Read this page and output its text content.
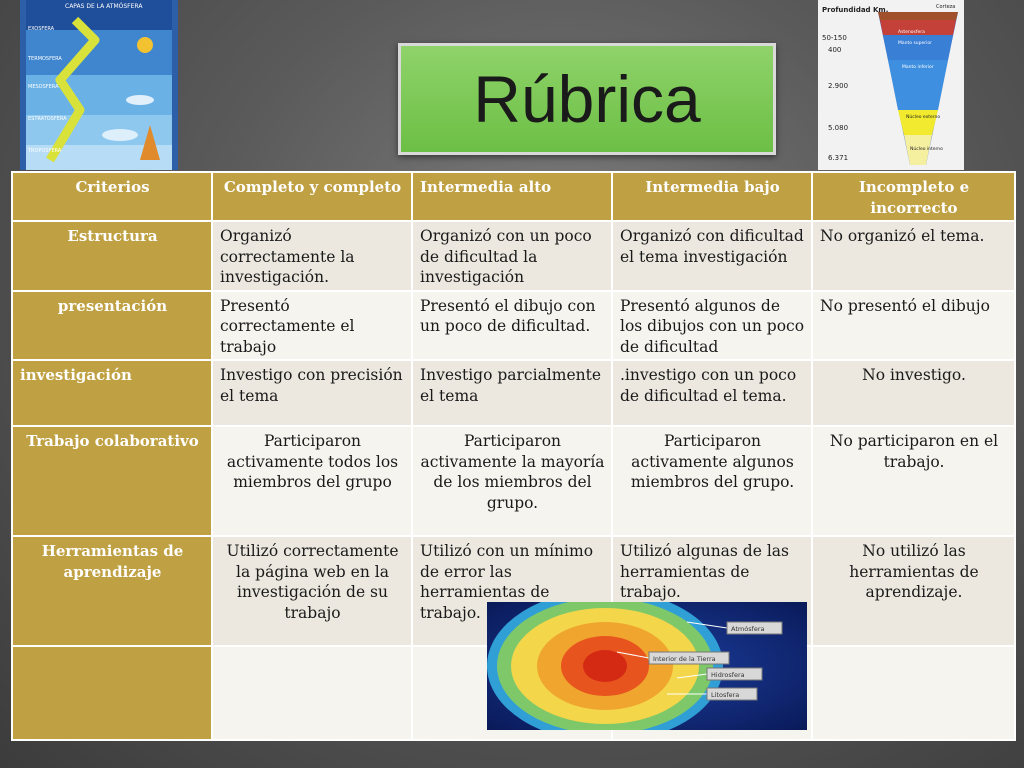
CAPAS DE LA ATMÓSFERA
EXOSFERA
TERMOSFERA
MESOSFERA
ESTRATOSFERA
TROPOSFERA
Rúbrica
Profundidad Km.	Corteza
50-150
400
2.900
5.080
6.371
Astenosfera
Manto superior
Manto inferior
Núcleo externo
Núcleo interno
Criterios	Completo y completo	Intermedia alto	Intermedia bajo	Incompleto e incorrecto
Estructura	Organizó correctamente la investigación.	Organizó con un poco de dificultad la investigación	Organizó con dificultad el tema investigación	No organizó el tema.
presentación	Presentó correctamente el trabajo	Presentó el dibujo con un poco de dificultad.	Presentó algunos de los dibujos con un poco de dificultad	No presentó el dibujo
investigación	Investigo con precisión el tema	Investigo parcialmente el tema	.investigo con un poco de dificultad el tema.	No investigo.
Trabajo colaborativo	Participaron activamente todos los miembros del grupo	Participaron activamente la mayoría de los miembros del grupo.	Participaron activamente algunos miembros del grupo.	No participaron en el trabajo.
Herramientas de aprendizaje	Utilizó correctamente la página web en la investigación de su trabajo	Utilizó con un mínimo de error las herramientas de trabajo.	Utilizó algunas de las herramientas de trabajo.	No utilizó las herramientas de aprendizaje.

Atmósfera
Interior de la Tierra
Hidrosfera
Litosfera
